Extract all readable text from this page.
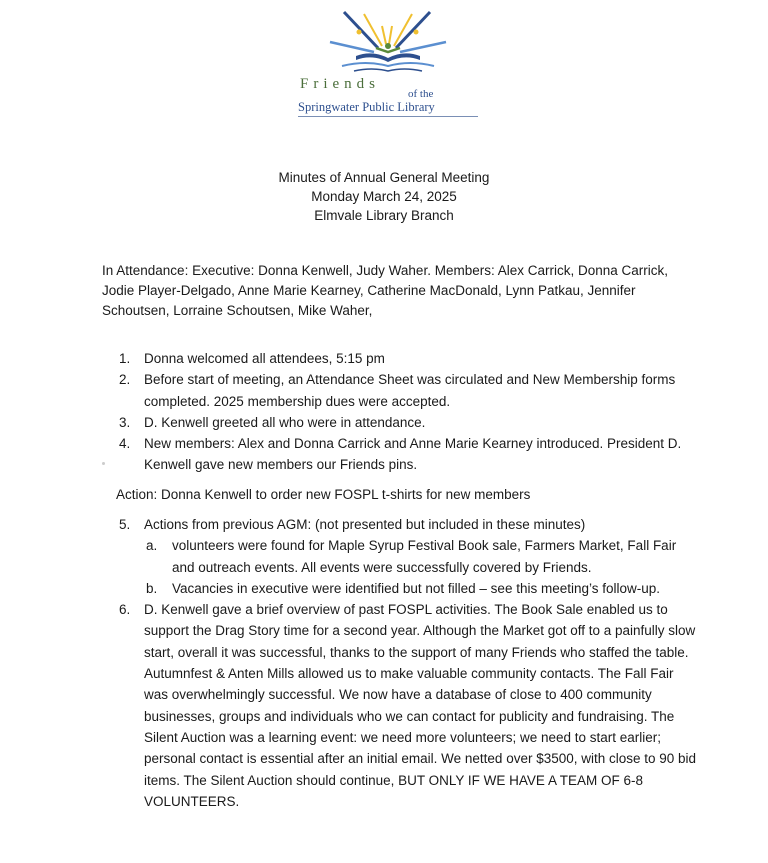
Friends
of the
Springwater Public Library
Minutes of Annual General Meeting
Monday March 24, 2025
Elmvale Library Branch
In Attendance: Executive: Donna Kenwell, Judy Waher. Members: Alex Carrick, Donna Carrick, Jodie Player-Delgado, Anne Marie Kearney, Catherine MacDonald, Lynn Patkau, Jennifer Schoutsen, Lorraine Schoutsen, Mike Waher,
1. Donna welcomed all attendees, 5:15 pm
2. Before start of meeting, an Attendance Sheet was circulated and New Membership forms completed. 2025 membership dues were accepted.
3. D. Kenwell greeted all who were in attendance.
4. New members: Alex and Donna Carrick and Anne Marie Kearney introduced. President D. Kenwell gave new members our Friends pins.
Action: Donna Kenwell to order new FOSPL t-shirts for new members
5. Actions from previous AGM: (not presented but included in these minutes)
a. volunteers were found for Maple Syrup Festival Book sale, Farmers Market, Fall Fair and outreach events. All events were successfully covered by Friends.
b. Vacancies in executive were identified but not filled – see this meeting’s follow-up.
6. D. Kenwell gave a brief overview of past FOSPL activities. The Book Sale enabled us to support the Drag Story time for a second year. Although the Market got off to a painfully slow start, overall it was successful, thanks to the support of many Friends who staffed the table. Autumnfest & Anten Mills allowed us to make valuable community contacts. The Fall Fair was overwhelmingly successful. We now have a database of close to 400 community businesses, groups and individuals who we can contact for publicity and fundraising. The Silent Auction was a learning event: we need more volunteers; we need to start earlier; personal contact is essential after an initial email. We netted over $3500, with close to 90 bid items. The Silent Auction should continue, BUT ONLY IF WE HAVE A TEAM OF 6-8 VOLUNTEERS.
